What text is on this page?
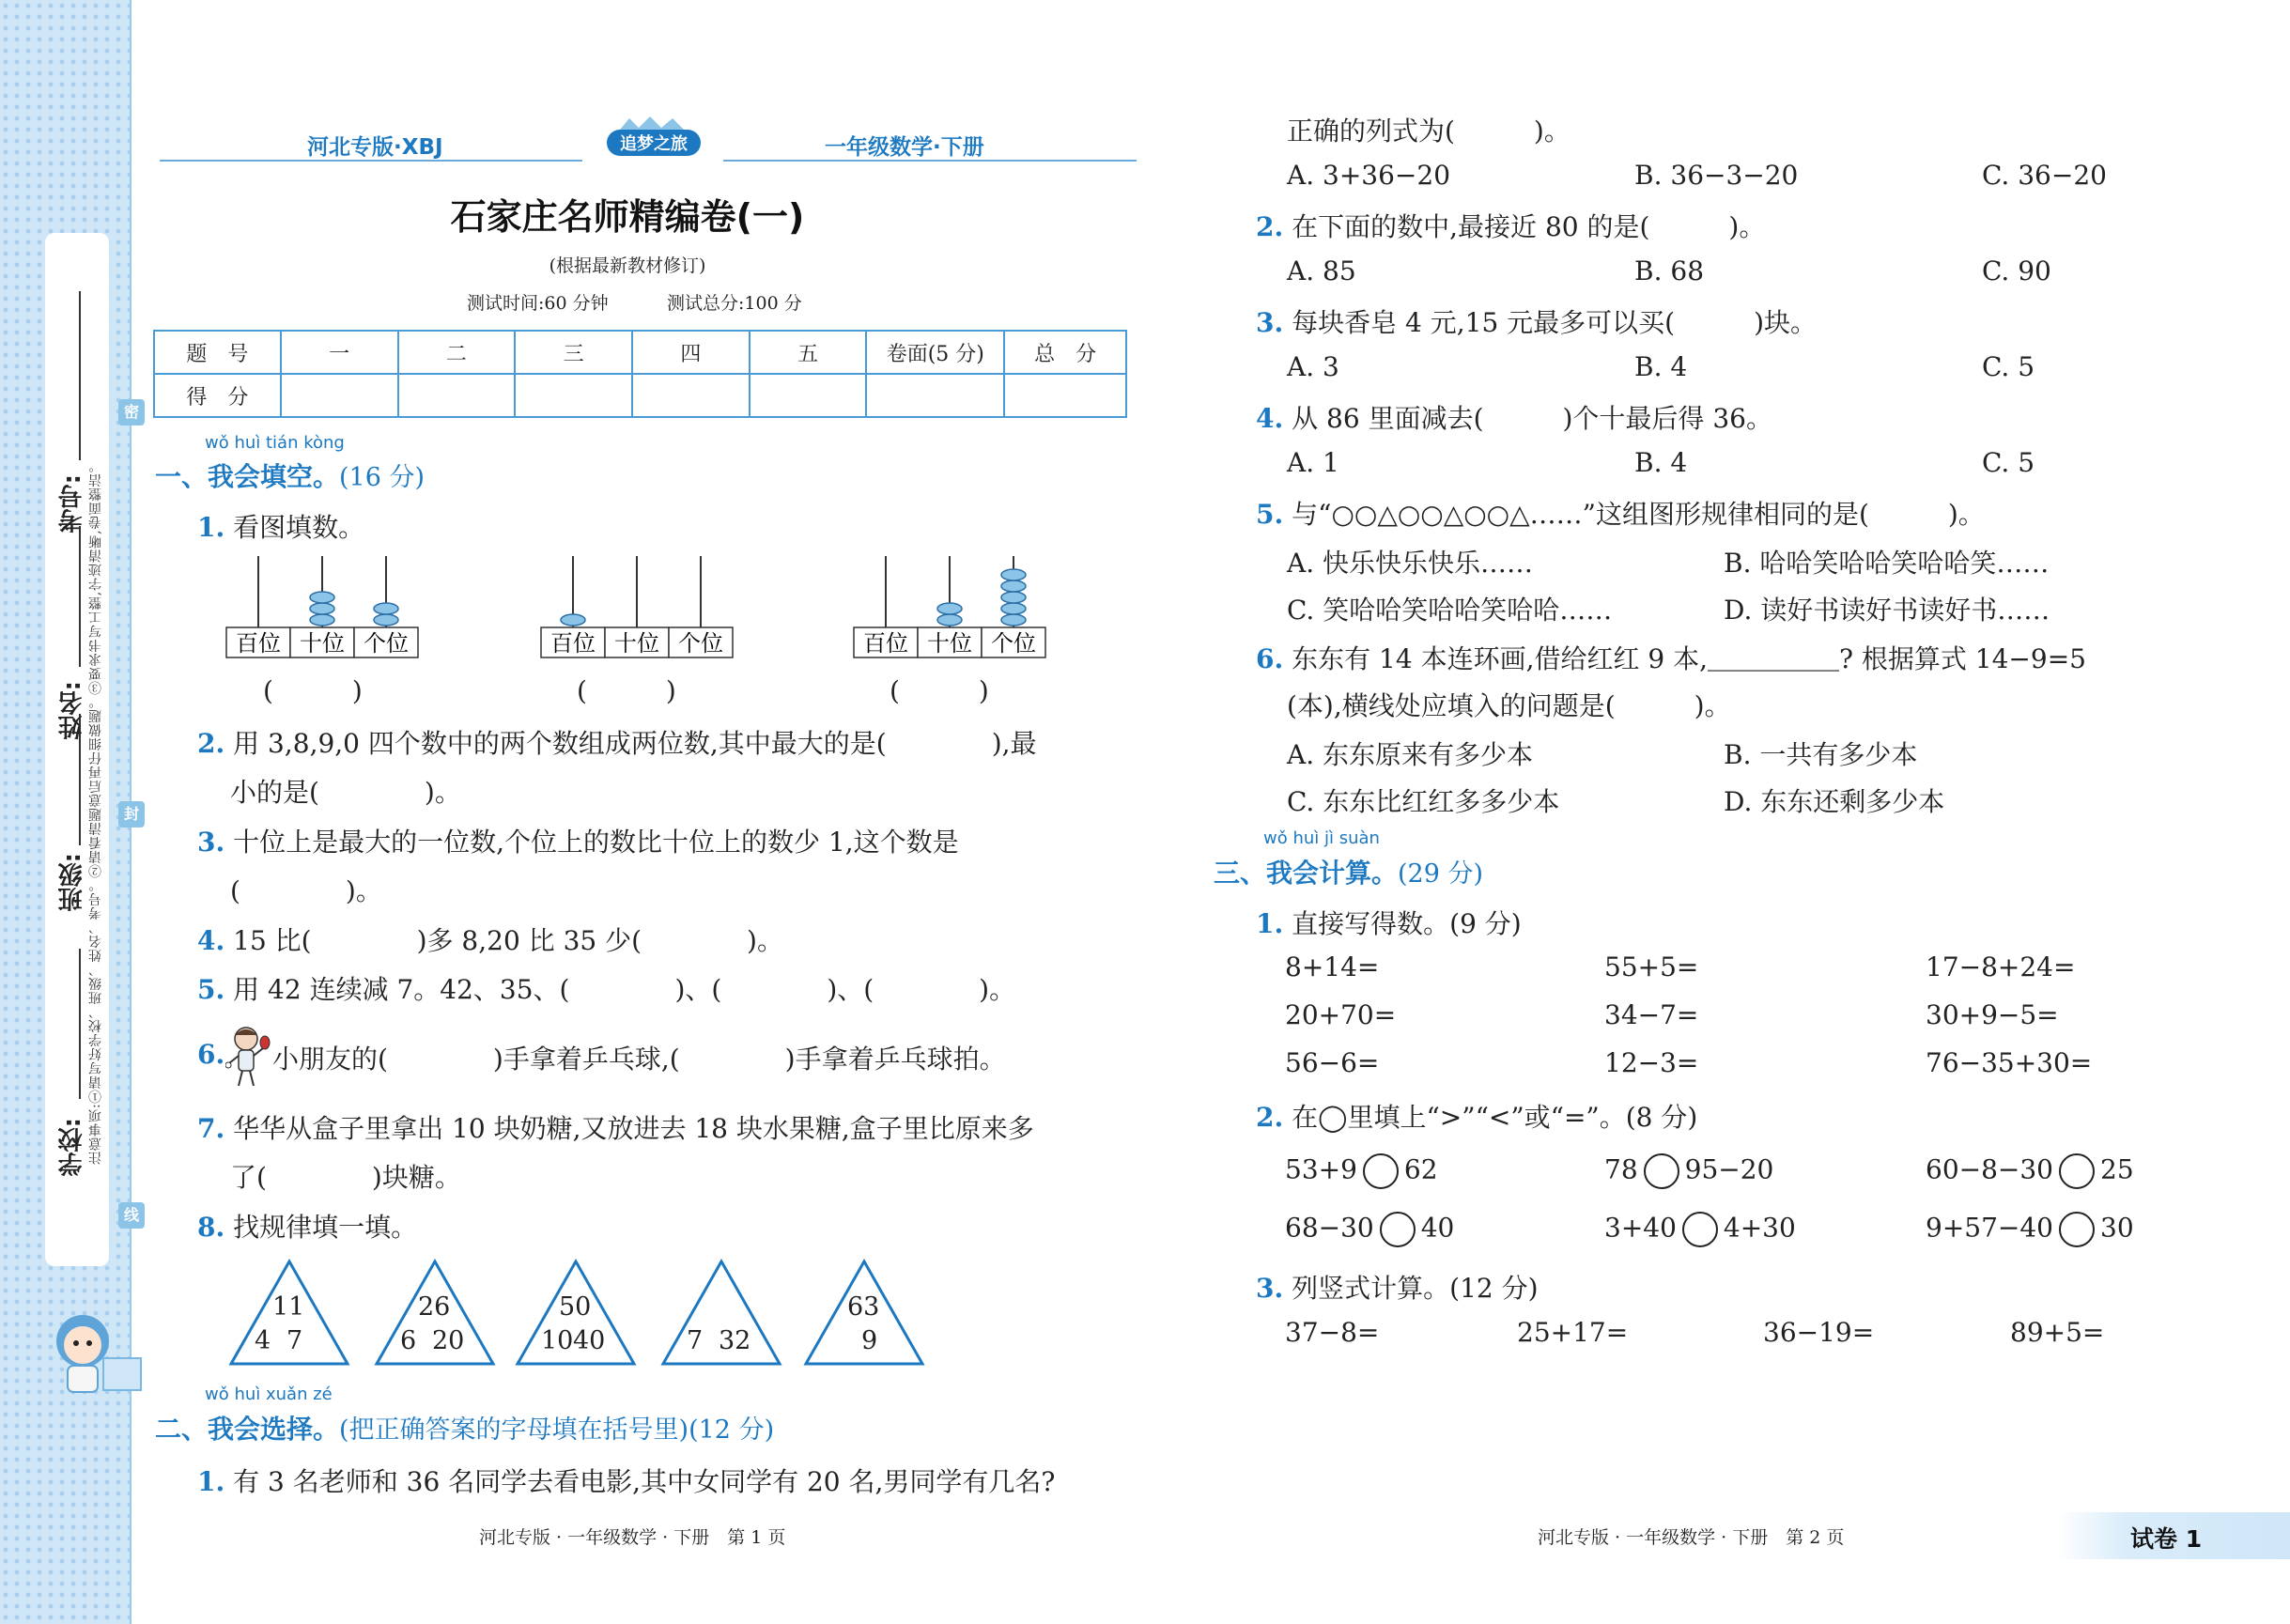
学校:
班级:
姓名:
考号: 注意事项:①请写好学校、班级、姓名、考号。②请看清题意后再仔细做题。③要求书写工整,字迹清晰,卷面整洁。
密
封
线
河北专版·XBJ	追梦之旅	一年级数学·下册
石家庄名师精编卷(一)
(根据最新教材修订)
测试时间:60 分钟	测试总分:100 分
题　号	一	二	三	四	五	卷面(5 分)	总　分
得　分							
wǒ huì tián kòng
一、我会填空。(16 分)
1. 看图填数。
百位 十位 个位	百位 十位 个位	百位 十位 个位
(　　　)	(　　　)	(　　　)
2. 用 3,8,9,0 四个数中的两个数组成两位数,其中最大的是(　　　　),最
小的是(　　　　)。
3. 十位上是最大的一位数,个位上的数比十位上的数少 1,这个数是
(　　　　)。
4. 15 比(　　　　)多 8,20 比 35 少(　　　　)。
5. 用 42 连续减 7。42、35、(　　　　)、(　　　　)、(　　　　)。
6. 小朋友的(　　　　)手拿着乒乓球,(　　　　)手拿着乒乓球拍。
7. 华华从盒子里拿出 10 块奶糖,又放进去 18 块水果糖,盒子里比原来多
了(　　　　)块糖。
8. 找规律填一填。
11
4 7
26
6 20
50
10 40	7 32
63
9
wǒ huì xuǎn zé
二、我会选择。(把正确答案的字母填在括号里)(12 分)
1. 有 3 名老师和 36 名同学去看电影,其中女同学有 20 名,男同学有几名?
河北专版 · 一年级数学 · 下册　第 1 页
正确的列式为(　　　)。
A. 3+36−20	B. 36−3−20	C. 36−20
2. 在下面的数中,最接近 80 的是(　　　)。
A. 85	B. 68	C. 90
3. 每块香皂 4 元,15 元最多可以买(　　　)块。
A. 3	B. 4	C. 5
4. 从 86 里面减去(　　　)个十最后得 36。
A. 1	B. 4	C. 5
5. 与“○○△○○△○○△……”这组图形规律相同的是(　　　)。
A. 快乐快乐快乐……	B. 哈哈笑哈哈笑哈哈笑……
C. 笑哈哈笑哈哈笑哈哈……	D. 读好书读好书读好书……
6. 东东有 14 本连环画,借给红红 9 本,＿＿＿＿＿? 根据算式 14−9=5
(本),横线处应填入的问题是(　　　)。
A. 东东原来有多少本	B. 一共有多少本
C. 东东比红红多多少本	D. 东东还剩多少本
wǒ huì jì suàn
三、我会计算。(29 分)
1. 直接写得数。(9 分)
8+14=	55+5=	17−8+24=
20+70=	34−7=	30+9−5=
56−6=	12−3=	76−35+30=
2. 在◯里填上“>”“<”或“=”。(8 分)
53+9 62	78 95−20	60−8−30 25
68−30 40	3+40 4+30	9+57−40 30
3. 列竖式计算。(12 分)
37−8=	25+17=	36−19=	89+5=
河北专版 · 一年级数学 · 下册　第 2 页	试卷 1
